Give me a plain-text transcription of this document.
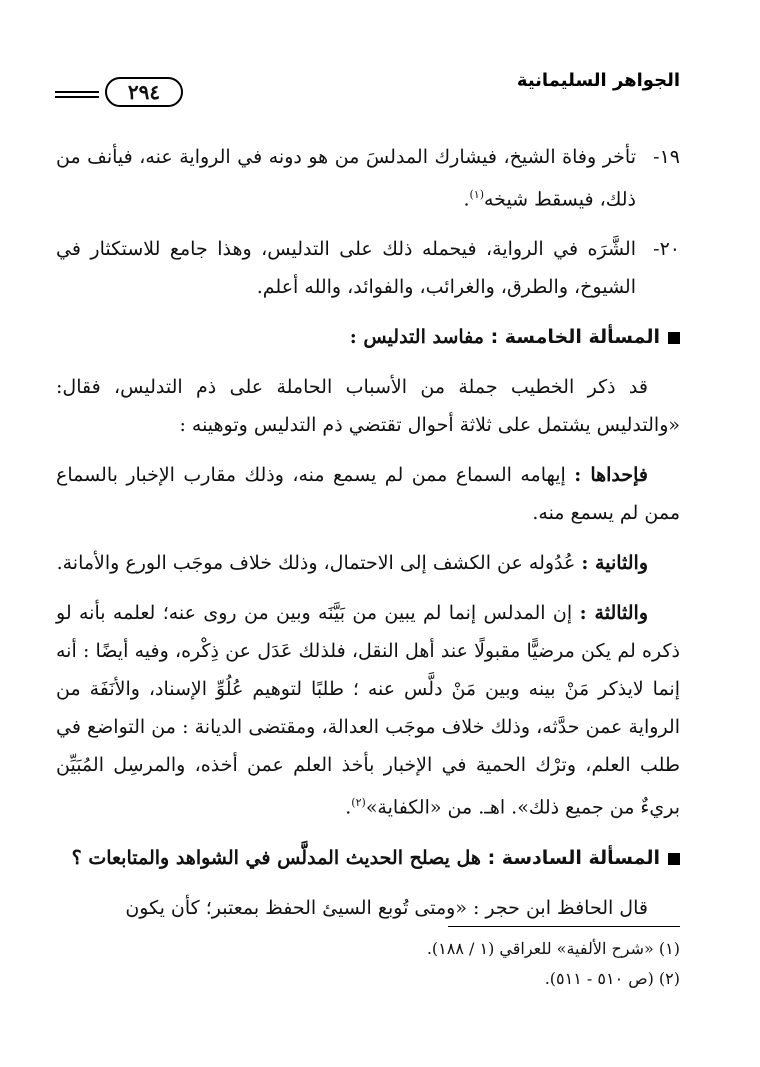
الجواهر السليمانية
٢٩٤

١٩-
تأخر وفاة الشيخ، فيشارك المدلسَ من هو دونه في الرواية عنه، فيأنف من ذلك، فيسقط شيخه$^{(١)}$.

٢٠-
الشَّرَه في الرواية، فيحمله ذلك على التدليس، وهذا جامع للاستكثار في الشيوخ، والطرق، والغرائب، والفوائد، والله أعلم.

المسألة الخامسة : مفاسد التدليس :

قد ذكر الخطيب جملة من الأسباب الحاملة على ذم التدليس، فقال: «والتدليس يشتمل على ثلاثة أحوال تقتضي ذم التدليس وتوهينه :

فإحداها : إيهامه السماع ممن لم يسمع منه، وذلك مقارب الإخبار بالسماع ممن لم يسمع منه.

والثانية : عُدُوله عن الكشف إلى الاحتمال، وذلك خلاف موجَب الورع والأمانة.

والثالثة : إن المدلس إنما لم يبين من بَيَّنَه وبين من روى عنه؛ لعلمه بأنه لو ذكره لم يكن مرضيًّا مقبولًا عند أهل النقل، فلذلك عَدَل عن ذِكْره، وفيه أيضًا : أنه إنما لايذكر مَنْ بينه وبين مَنْ دلَّس عنه ؛ طلبًا لتوهيم عُلُوِّ الإسناد، والأنَفَة من الرواية عمن حدَّثه، وذلك خلاف موجَب العدالة، ومقتضى الديانة : من التواضع في طلب العلم، وترْك الحمية في الإخبار بأخذ العلم عمن أخذه، والمرسِل المُبَيِّن بريءٌ من جميع ذلك». اهـ. من «الكفاية»$^{(٢)}$.

المسألة السادسة : هل يصلح الحديث المدلَّس في الشواهد والمتابعات ؟

قال الحافظ ابن حجر : «ومتى تُوبع السيئ الحفظ بمعتبر؛ كأن يكون

(١) «شرح الألفية» للعراقي (١ / ١٨٨).

(٢) (ص ٥١٠ - ٥١١).
